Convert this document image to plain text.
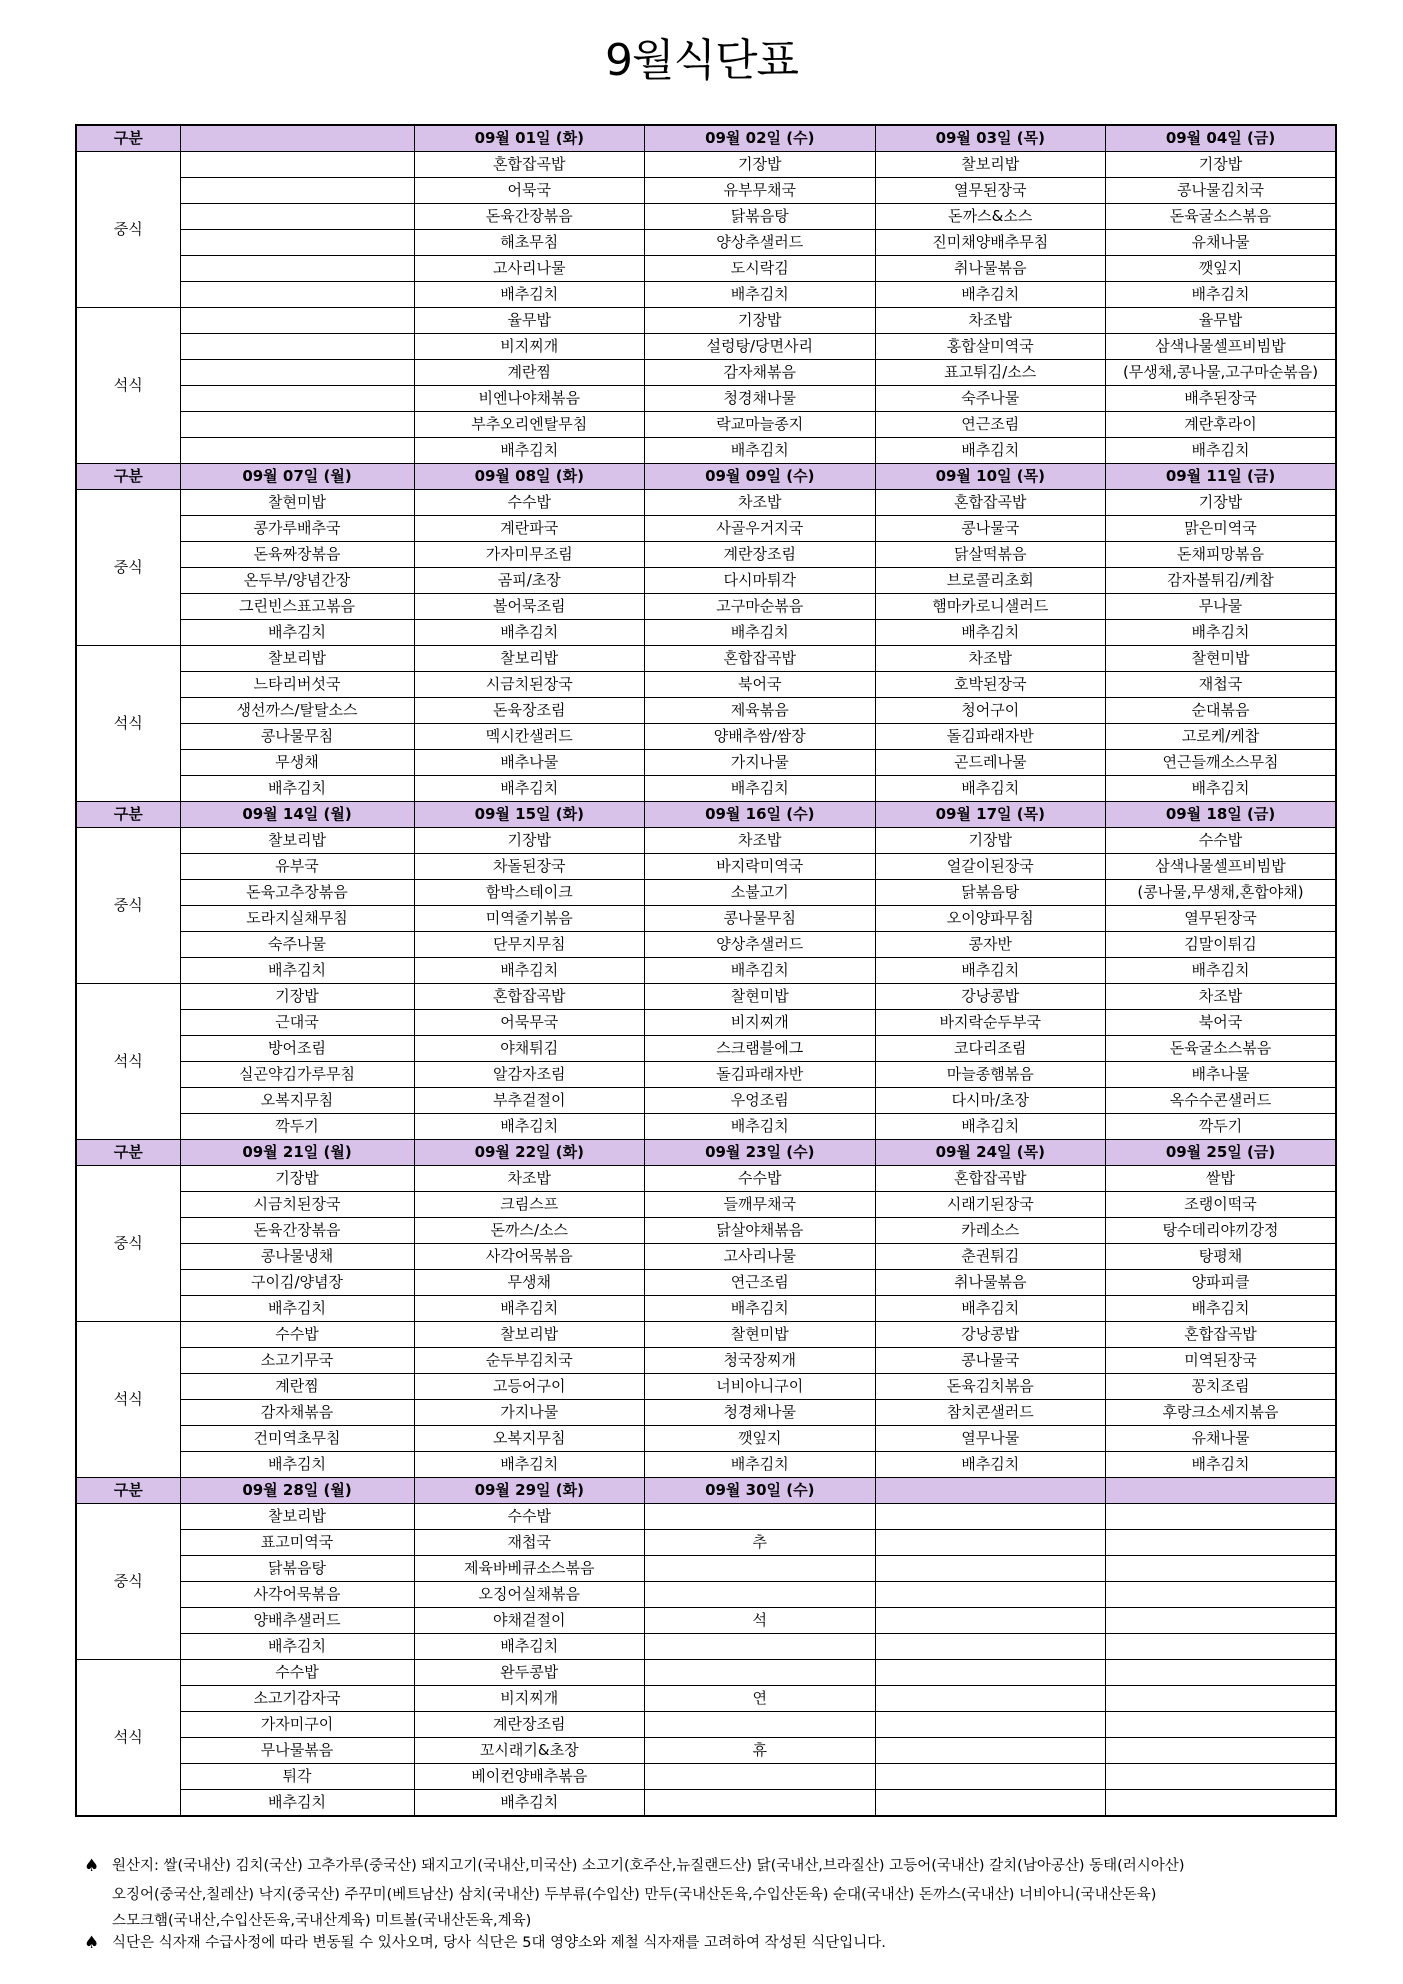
9월식단표
구분		09월 01일 (화)	09월 02일 (수)	09월 03일 (목)	09월 04일 (금)
중식		혼합잡곡밥	기장밥	찰보리밥	기장밥
		어묵국	유부무채국	열무된장국	콩나물김치국
		돈육간장볶음	닭볶음탕	돈까스&소스	돈육굴소스볶음
		해초무침	양상추샐러드	진미채양배추무침	유채나물
		고사리나물	도시락김	취나물볶음	깻잎지
		배추김치	배추김치	배추김치	배추김치
석식		율무밥	기장밥	차조밥	율무밥
		비지찌개	설렁탕/당면사리	홍합살미역국	삼색나물셀프비빔밥
		계란찜	감자채볶음	표고튀김/소스	(무생채,콩나물,고구마순볶음)
		비엔나야채볶음	청경채나물	숙주나물	배추된장국
		부추오리엔탈무침	락교마늘종지	연근조림	계란후라이
		배추김치	배추김치	배추김치	배추김치
구분	09월 07일 (월)	09월 08일 (화)	09월 09일 (수)	09월 10일 (목)	09월 11일 (금)
중식	찰현미밥	수수밥	차조밥	혼합잡곡밥	기장밥
	콩가루배추국	계란파국	사골우거지국	콩나물국	맑은미역국
	돈육짜장볶음	가자미무조림	계란장조림	닭살떡볶음	돈채피망볶음
	온두부/양념간장	곰피/초장	다시마튀각	브로콜리초회	감자볼튀김/케찹
	그린빈스표고볶음	볼어묵조림	고구마순볶음	햄마카로니샐러드	무나물
	배추김치	배추김치	배추김치	배추김치	배추김치
석식	찰보리밥	찰보리밥	혼합잡곡밥	차조밥	찰현미밥
	느타리버섯국	시금치된장국	북어국	호박된장국	재첩국
	생선까스/탈탈소스	돈육장조림	제육볶음	청어구이	순대볶음
	콩나물무침	멕시칸샐러드	양배추쌈/쌈장	돌김파래자반	고로케/케찹
	무생채	배추나물	가지나물	곤드레나물	연근들깨소스무침
	배추김치	배추김치	배추김치	배추김치	배추김치
구분	09월 14일 (월)	09월 15일 (화)	09월 16일 (수)	09월 17일 (목)	09월 18일 (금)
중식	찰보리밥	기장밥	차조밥	기장밥	수수밥
	유부국	차돌된장국	바지락미역국	얼갈이된장국	삼색나물셀프비빔밥
	돈육고추장볶음	함박스테이크	소불고기	닭볶음탕	(콩나물,무생채,혼합야채)
	도라지실채무침	미역줄기볶음	콩나물무침	오이양파무침	열무된장국
	숙주나물	단무지무침	양상추샐러드	콩자반	김말이튀김
	배추김치	배추김치	배추김치	배추김치	배추김치
석식	기장밥	혼합잡곡밥	찰현미밥	강낭콩밥	차조밥
	근대국	어묵무국	비지찌개	바지락순두부국	북어국
	방어조림	야채튀김	스크램블에그	코다리조림	돈육굴소스볶음
	실곤약김가루무침	알감자조림	돌김파래자반	마늘종햄볶음	배추나물
	오복지무침	부추겉절이	우엉조림	다시마/초장	옥수수콘샐러드
	깍두기	배추김치	배추김치	배추김치	깍두기
구분	09월 21일 (월)	09월 22일 (화)	09월 23일 (수)	09월 24일 (목)	09월 25일 (금)
중식	기장밥	차조밥	수수밥	혼합잡곡밥	쌀밥
	시금치된장국	크림스프	들깨무채국	시래기된장국	조랭이떡국
	돈육간장볶음	돈까스/소스	닭살야채볶음	카레소스	탕수데리야끼강정
	콩나물냉채	사각어묵볶음	고사리나물	춘권튀김	탕평채
	구이김/양념장	무생채	연근조림	취나물볶음	양파피클
	배추김치	배추김치	배추김치	배추김치	배추김치
석식	수수밥	찰보리밥	찰현미밥	강낭콩밥	혼합잡곡밥
	소고기무국	순두부김치국	청국장찌개	콩나물국	미역된장국
	계란찜	고등어구이	너비아니구이	돈육김치볶음	꽁치조림
	감자채볶음	가지나물	청경채나물	참치콘샐러드	후랑크소세지볶음
	건미역초무침	오복지무침	깻잎지	열무나물	유채나물
	배추김치	배추김치	배추김치	배추김치	배추김치
구분	09월 28일 (월)	09월 29일 (화)	09월 30일 (수)		
중식	찰보리밥	수수밥			
	표고미역국	재첩국	추		
	닭볶음탕	제육바베큐소스볶음			
	사각어묵볶음	오징어실채볶음			
	양배추샐러드	야채겉절이	석		
	배추김치	배추김치			
석식	수수밥	완두콩밥			
	소고기감자국	비지찌개	연		
	가자미구이	계란장조림			
	무나물볶음	꼬시래기&초장	휴		
	튀각	베이컨양배추볶음			
	배추김치	배추김치			
♠ 원산지: 쌀(국내산) 김치(국산) 고추가루(중국산) 돼지고기(국내산,미국산) 소고기(호주산,뉴질랜드산) 닭(국내산,브라질산) 고등어(국내산) 갈치(남아공산) 동태(러시아산)
오징어(중국산,칠레산) 낙지(중국산) 주꾸미(베트남산) 삼치(국내산) 두부류(수입산) 만두(국내산돈육,수입산돈육) 순대(국내산) 돈까스(국내산) 너비아니(국내산돈육)
스모크햄(국내산,수입산돈육,국내산계육) 미트볼(국내산돈육,계육)
♠ 식단은 식자재 수급사정에 따라 변동될 수 있사오며, 당사 식단은 5대 영양소와 제철 식자재를 고려하여 작성된 식단입니다.
